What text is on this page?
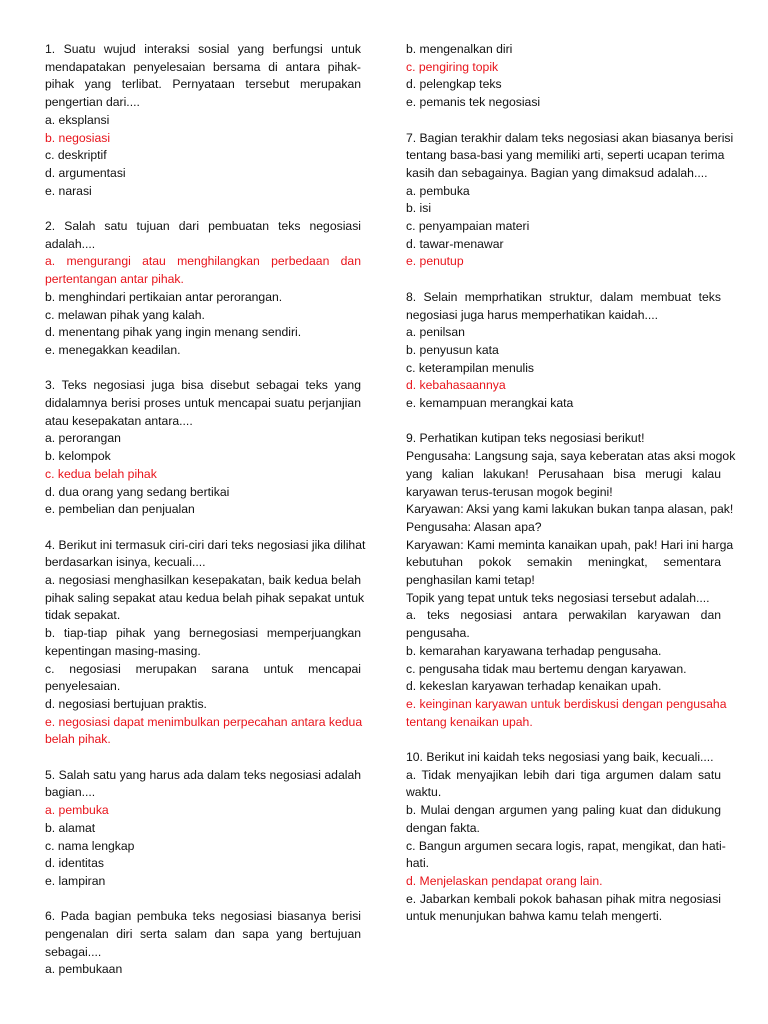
1. Suatu wujud interaksi sosial yang berfungsi untuk
mendapatakan penyelesaian bersama di antara pihak-
pihak yang terlibat. Pernyataan tersebut merupakan
pengertian dari....
a. eksplansi
b. negosiasi
c. deskriptif
d. argumentasi
e. narasi
2. Salah satu tujuan dari pembuatan teks negosiasi
adalah....
a. mengurangi atau menghilangkan perbedaan dan
pertentangan antar pihak.
b. menghindari pertikaian antar perorangan.
c. melawan pihak yang kalah.
d. menentang pihak yang ingin menang sendiri.
e. menegakkan keadilan.
3. Teks negosiasi juga bisa disebut sebagai teks yang
didalamnya berisi proses untuk mencapai suatu perjanjian
atau kesepakatan antara....
a. perorangan
b. kelompok
c. kedua belah pihak
d. dua orang yang sedang bertikai
e. pembelian dan penjualan
4. Berikut ini termasuk ciri-ciri dari teks negosiasi jika dilihat
berdasarkan isinya, kecuali....
a. negosiasi menghasilkan kesepakatan, baik kedua belah
pihak saling sepakat atau kedua belah pihak sepakat untuk
tidak sepakat.
b. tiap-tiap pihak yang bernegosiasi memperjuangkan
kepentingan masing-masing.
c. negosiasi merupakan sarana untuk mencapai
penyelesaian.
d. negosiasi bertujuan praktis.
e. negosiasi dapat menimbulkan perpecahan antara kedua
belah pihak.
5. Salah satu yang harus ada dalam teks negosiasi adalah
bagian....
a. pembuka
b. alamat
c. nama lengkap
d. identitas
e. lampiran
6. Pada bagian pembuka teks negosiasi biasanya berisi
pengenalan diri serta salam dan sapa yang bertujuan
sebagai....
a. pembukaan
b. mengenalkan diri
c. pengiring topik
d. pelengkap teks
e. pemanis tek negosiasi
7. Bagian terakhir dalam teks negosiasi akan biasanya berisi
tentang basa-basi yang memiliki arti, seperti ucapan terima
kasih dan sebagainya. Bagian yang dimaksud adalah....
a. pembuka
b. isi
c. penyampaian materi
d. tawar-menawar
e. penutup
8. Selain memprhatikan struktur, dalam membuat teks
negosiasi juga harus memperhatikan kaidah....
a. penilsan
b. penyusun kata
c. keterampilan menulis
d. kebahasaannya
e. kemampuan merangkai kata
9. Perhatikan kutipan teks negosiasi berikut!
Pengusaha: Langsung saja, saya keberatan atas aksi mogok
yang kalian lakukan! Perusahaan bisa merugi kalau
karyawan terus-terusan mogok begini!
Karyawan: Aksi yang kami lakukan bukan tanpa alasan, pak!
Pengusaha: Alasan apa?
Karyawan: Kami meminta kanaikan upah, pak! Hari ini harga
kebutuhan pokok semakin meningkat, sementara
penghasilan kami tetap!
Topik yang tepat untuk teks negosiasi tersebut adalah....
a. teks negosiasi antara perwakilan karyawan dan
pengusaha.
b. kemarahan karyawana terhadap pengusaha.
c. pengusaha tidak mau bertemu dengan karyawan.
d. kekesIan karyawan terhadap kenaikan upah.
e. keinginan karyawan untuk berdiskusi dengan pengusaha
tentang kenaikan upah.
10. Berikut ini kaidah teks negosiasi yang baik, kecuali....
a. Tidak menyajikan lebih dari tiga argumen dalam satu
waktu.
b. Mulai dengan argumen yang paling kuat dan didukung
dengan fakta.
c. Bangun argumen secara logis, rapat, mengikat, dan hati-
hati.
d. Menjelaskan pendapat orang lain.
e. Jabarkan kembali pokok bahasan pihak mitra negosiasi
untuk menunjukan bahwa kamu telah mengerti.
